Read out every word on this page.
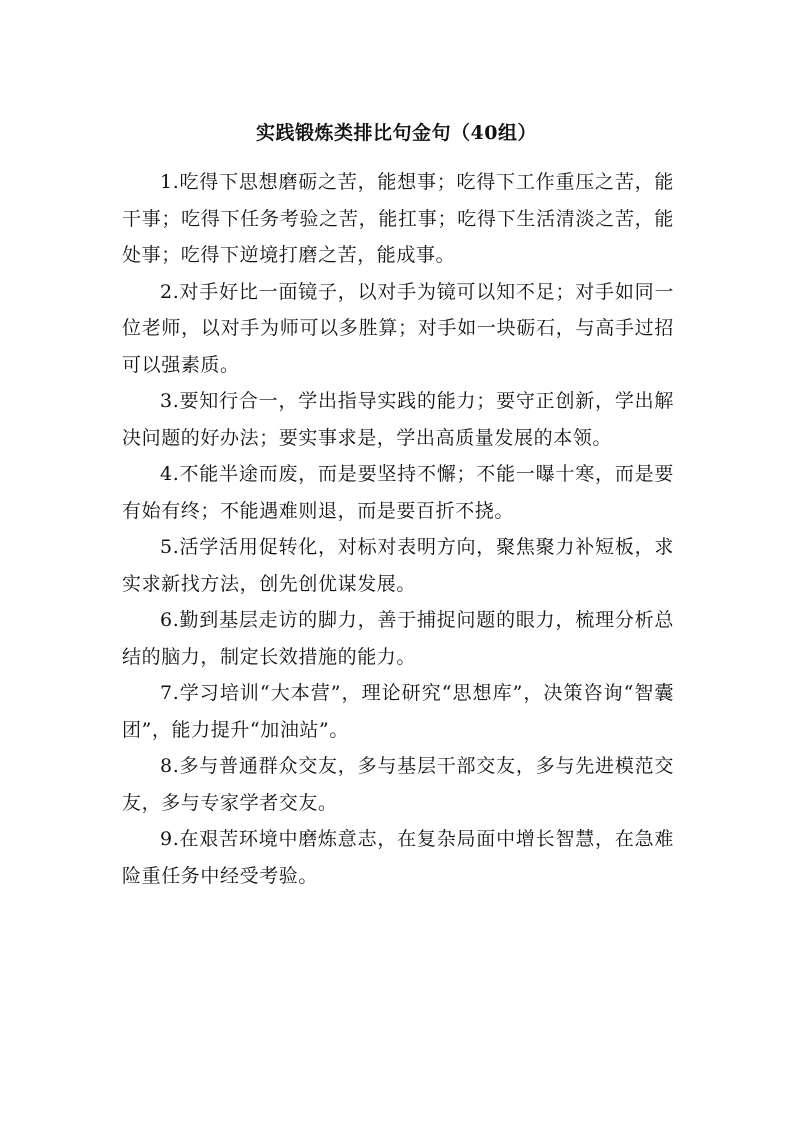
实践锻炼类排比句金句（40组）

1.吃得下思想磨砺之苦，能想事；吃得下工作重压之苦，能干事；吃得下任务考验之苦，能扛事；吃得下生活清淡之苦，能处事；吃得下逆境打磨之苦，能成事。

2.对手好比一面镜子，以对手为镜可以知不足；对手如同一位老师，以对手为师可以多胜算；对手如一块砺石，与高手过招可以强素质。

3.要知行合一，学出指导实践的能力；要守正创新，学出解决问题的好办法；要实事求是，学出高质量发展的本领。

4.不能半途而废，而是要坚持不懈；不能一曝十寒，而是要有始有终；不能遇难则退，而是要百折不挠。

5.活学活用促转化，对标对表明方向，聚焦聚力补短板，求实求新找方法，创先创优谋发展。

6.勤到基层走访的脚力，善于捕捉问题的眼力，梳理分析总结的脑力，制定长效措施的能力。

7.学习培训“大本营”，理论研究“思想库”，决策咨询“智囊团”，能力提升“加油站”。

8.多与普通群众交友，多与基层干部交友，多与先进模范交友，多与专家学者交友。

9.在艰苦环境中磨炼意志，在复杂局面中增长智慧，在急难险重任务中经受考验。
